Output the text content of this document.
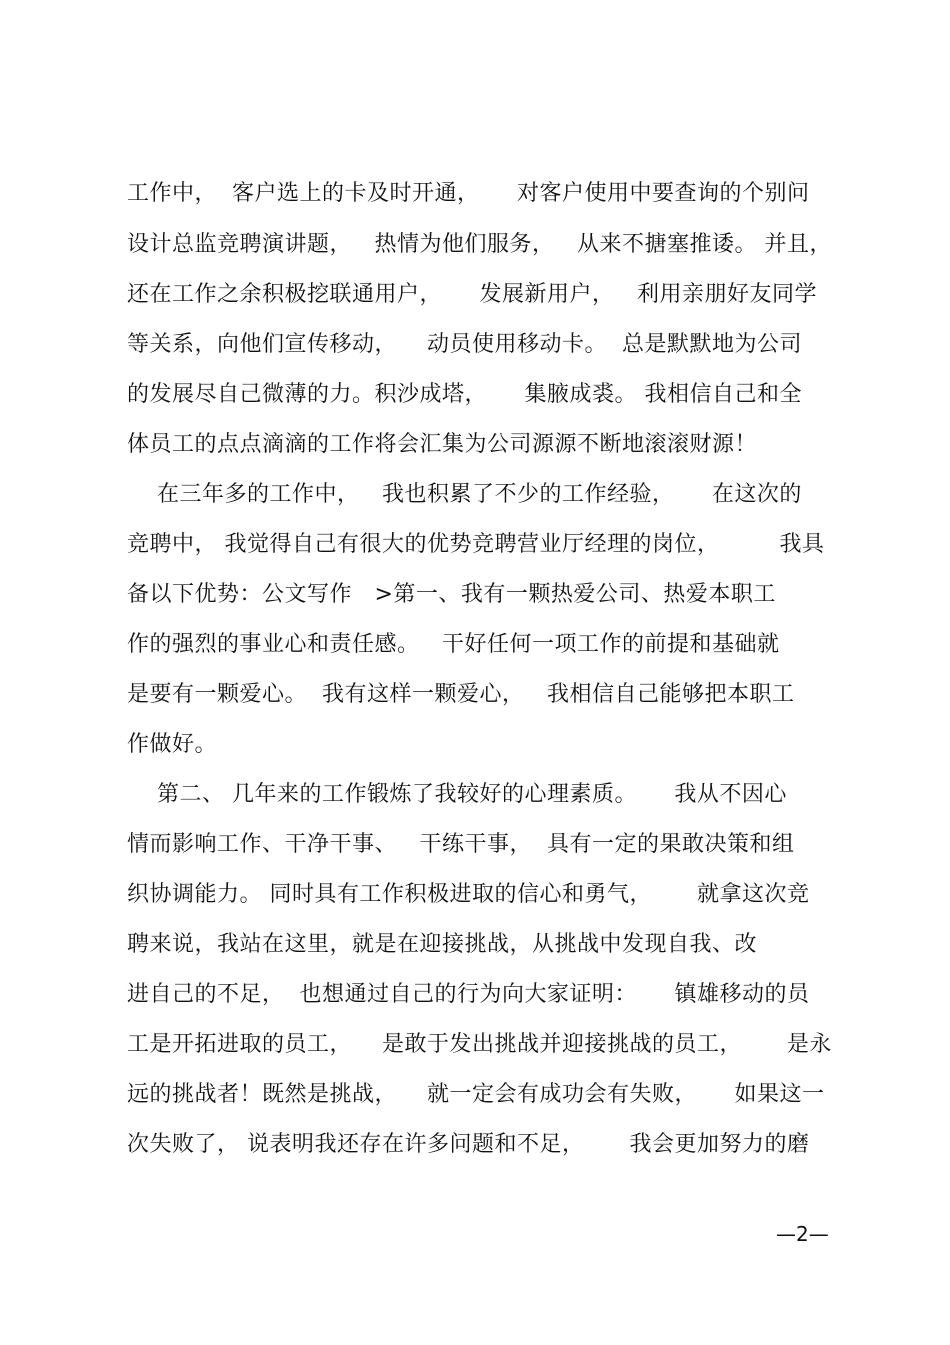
工作中，  客户选上的卡及时开通，     对客户使用中要查询的个别问
设计总监竞聘演讲题，   热情为他们服务，   从来不搪塞推诿。 并且，
还在工作之余积极挖联通用户，     发展新用户，   利用亲朋好友同学
等关系，向他们宣传移动，    动员使用移动卡。  总是默默地为公司
的发展尽自己微薄的力。积沙成塔，     集腋成裘。 我相信自己和全
体员工的点点滴滴的工作将会汇集为公司源源不断地滚滚财源！
在三年多的工作中，   我也积累了不少的工作经验，     在这次的
竞聘中， 我觉得自己有很大的优势竞聘营业厅经理的岗位，        我具
备以下优势：公文写作   >第一、我有一颗热爱公司、热爱本职工
作的强烈的事业心和责任感。   干好任何一项工作的前提和基础就
是要有一颗爱心。  我有这样一颗爱心，   我相信自己能够把本职工
作做好。
第二、 几年来的工作锻炼了我较好的心理素质。     我从不因心
情而影响工作、干净干事、   干练干事，  具有一定的果敢决策和组
织协调能力。 同时具有工作积极进取的信心和勇气，      就拿这次竞
聘来说，我站在这里，就是在迎接挑战，从挑战中发现自我、改
进自己的不足，  也想通过自己的行为向大家证明：     镇雄移动的员
工是开拓进取的员工，    是敢于发出挑战并迎接挑战的员工，      是永
远的挑战者！既然是挑战，    就一定会有成功会有失败，     如果这一
次失败了， 说表明我还存在许多问题和不足，      我会更加努力的磨
—2—
